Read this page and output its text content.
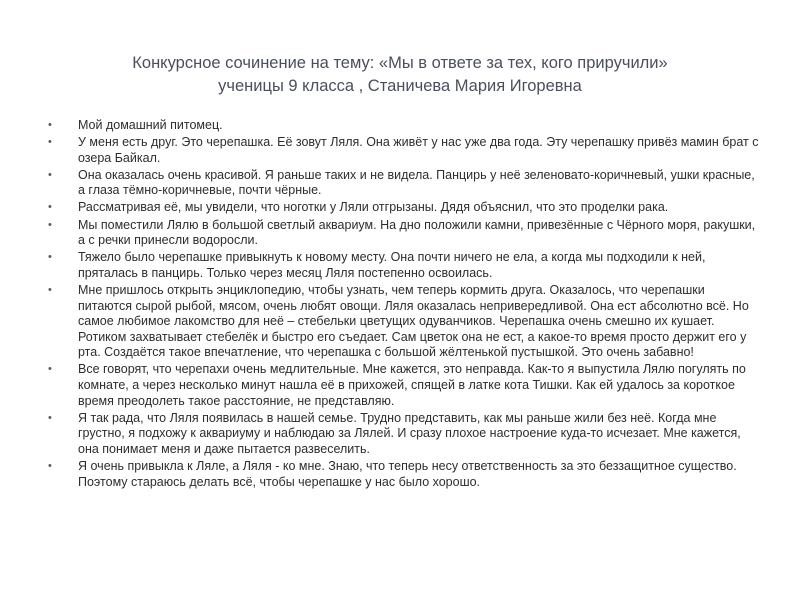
Конкурсное сочинение на тему: «Мы в ответе за тех, кого приручили»
ученицы 9 класса , Станичева Мария Игоревна
• Мой домашний питомец.
• У меня есть друг. Это черепашка. Её зовут Ляля. Она живёт у нас уже два года. Эту черепашку привёз мамин брат с озера Байкал.
• Она оказалась очень красивой. Я раньше таких и не видела. Панцирь у неё зеленовато-коричневый, ушки красные, а глаза тёмно-коричневые, почти чёрные.
• Рассматривая её, мы увидели, что ноготки у Ляли отгрызаны. Дядя объяснил, что это проделки рака.
• Мы поместили Лялю в большой светлый аквариум. На дно положили камни, привезённые с Чёрного моря, ракушки, а с речки принесли водоросли.
• Тяжело было черепашке привыкнуть к новому месту. Она почти ничего не ела, а когда мы подходили к ней, пряталась в панцирь. Только через месяц Ляля постепенно освоилась.
• Мне пришлось открыть энциклопедию, чтобы узнать, чем теперь кормить друга. Оказалось, что черепашки питаются сырой рыбой, мясом, очень любят овощи. Ляля оказалась непривередливой. Она ест абсолютно всё. Но самое любимое лакомство для неё – стебельки цветущих одуванчиков. Черепашка очень смешно их кушает. Ротиком захватывает стебелёк и быстро его съедает. Сам цветок она не ест, а какое-то время просто держит его у рта. Создаётся такое впечатление, что черепашка с большой жёлтенькой пустышкой. Это очень забавно!
• Все говорят, что черепахи очень медлительные. Мне кажется, это неправда. Как-то я выпустила Лялю погулять по комнате, а через несколько минут нашла её в прихожей, спящей в латке кота Тишки. Как ей удалось за короткое время преодолеть такое расстояние, не представляю.
• Я так рада, что Ляля появилась в нашей семье. Трудно представить, как мы раньше жили без неё. Когда мне грустно, я подхожу к аквариуму и наблюдаю за Лялей. И сразу плохое настроение куда-то исчезает. Мне кажется, она понимает меня и даже пытается развеселить.
• Я очень привыкла к Ляле, а Ляля - ко мне. Знаю, что теперь несу ответственность за это беззащитное существо. Поэтому стараюсь делать всё, чтобы черепашке у нас было хорошо.
